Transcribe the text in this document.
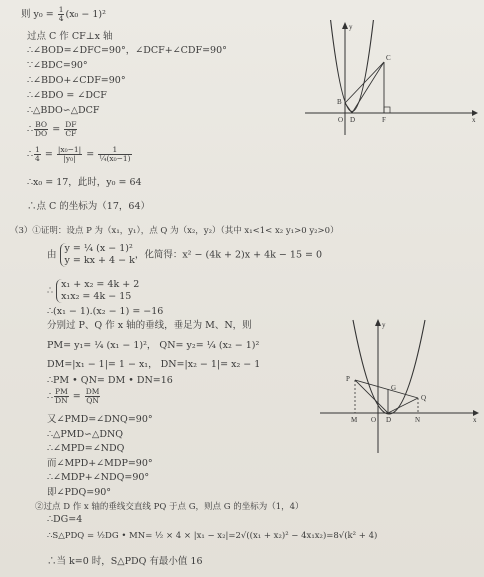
则 $y_0 = \frac{1}{4} (x_0 - 1)^2$
过点 C 作 CF⊥x 轴
∴∠BOD=∠DFC=90°，∠DCF+∠CDF=90°
∵∠BDC=90°
∴∠BDO+∠CDF=90°
∴∠BDO = ∠DCF
∴△BDO∽△DCF
∴ $\frac{BO}{DO} = \frac{DF}{CF}$
∴ $\frac{1}{4} = \frac{\text{|x₀−1|}}{\text{|y₀|}} = \frac{1}{\text{¼(x₀−1)}}$
∴x₀ = 17，此时，y₀ = 64
∴点 C 的坐标为（17，64）
（3）①证明：设点 P 为（x₁，y₁），点 Q 为（x₂，y₂）（其中 x₁<1< x₂ y₁>0 y₂>0）
由
y = ¼ (x − 1)²
y = kx + 4 − k ，化简得：x² − (4k + 2)x + 4k − 15 = 0
∴
x₁ + x₂ = 4k + 2
x₁x₂ = 4k − 15
∴(x₁ − 1).(x₂ − 1) = −16
分别过 P、Q 作 x 轴的垂线，垂足为 M、N，则
PM= y₁= ¼ (x₁ − 1)²， QN= y₂= ¼ (x₂ − 1)²
DM=|x₁ − 1|= 1 − x₁， DN=|x₂ − 1|= x₂ − 1
∴PM • QN= DM • DN=16
∴ $\frac{PM}{DN} = \frac{DM}{QN}$
又∠PMD=∠DNQ=90°
∴△PMD∽△DNQ
∴∠MPD=∠NDQ
而∠MPD+∠MDP=90°
∴∠MDP+∠NDQ=90°
即∠PDQ=90°
②过点 D 作 x 轴的垂线交直线 PQ 于点 G，则点 G 的坐标为（1，4）
∴DG=4
∴S△PDQ = ½DG • MN= ½ × 4 × |x₁ − x₂|=2√((x₁ + x₂)² − 4x₁x₂)=8√(k² + 4)
∴当 k=0 时，S△PDQ 有最小值 16
C
B
O D	F	x
y
P
Q
G
M O D	N
y
x
